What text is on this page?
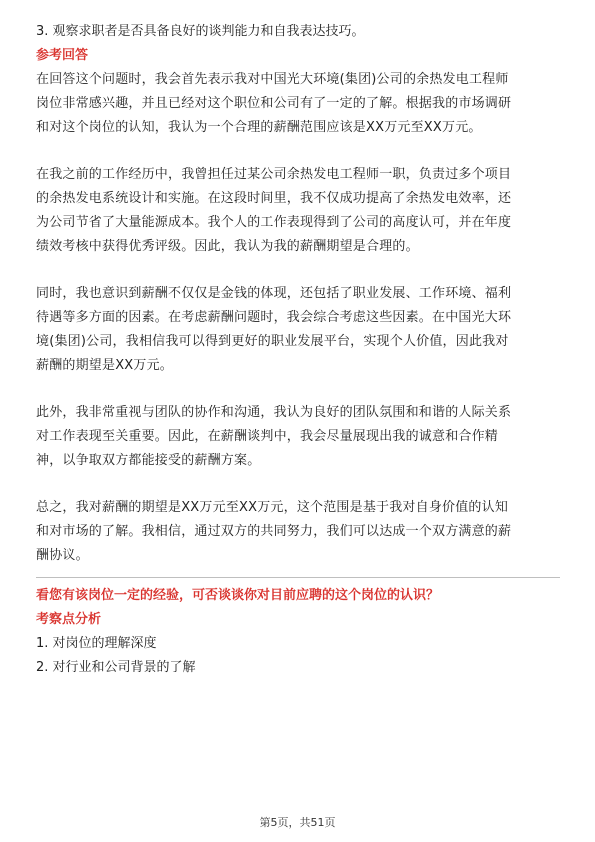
3. 观察求职者是否具备良好的谈判能力和自我表达技巧。

参考回答

在回答这个问题时，我会首先表示我对中国光大环境(集团)公司的余热发电工程师

岗位非常感兴趣，并且已经对这个职位和公司有了一定的了解。根据我的市场调研

和对这个岗位的认知，我认为一个合理的薪酬范围应该是XX万元至XX万元。

在我之前的工作经历中，我曾担任过某公司余热发电工程师一职，负责过多个项目

的余热发电系统设计和实施。在这段时间里，我不仅成功提高了余热发电效率，还

为公司节省了大量能源成本。我个人的工作表现得到了公司的高度认可，并在年度

绩效考核中获得优秀评级。因此，我认为我的薪酬期望是合理的。

同时，我也意识到薪酬不仅仅是金钱的体现，还包括了职业发展、工作环境、福利

待遇等多方面的因素。在考虑薪酬问题时，我会综合考虑这些因素。在中国光大环

境(集团)公司，我相信我可以得到更好的职业发展平台，实现个人价值，因此我对

薪酬的期望是XX万元。

此外，我非常重视与团队的协作和沟通，我认为良好的团队氛围和和谐的人际关系

对工作表现至关重要。因此，在薪酬谈判中，我会尽量展现出我的诚意和合作精

神，以争取双方都能接受的薪酬方案。

总之，我对薪酬的期望是XX万元至XX万元，这个范围是基于我对自身价值的认知

和对市场的了解。我相信，通过双方的共同努力，我们可以达成一个双方满意的薪

酬协议。

看您有该岗位一定的经验，可否谈谈你对目前应聘的这个岗位的认识？

考察点分析

1. 对岗位的理解深度

2. 对行业和公司背景的了解

第5页，共51页
